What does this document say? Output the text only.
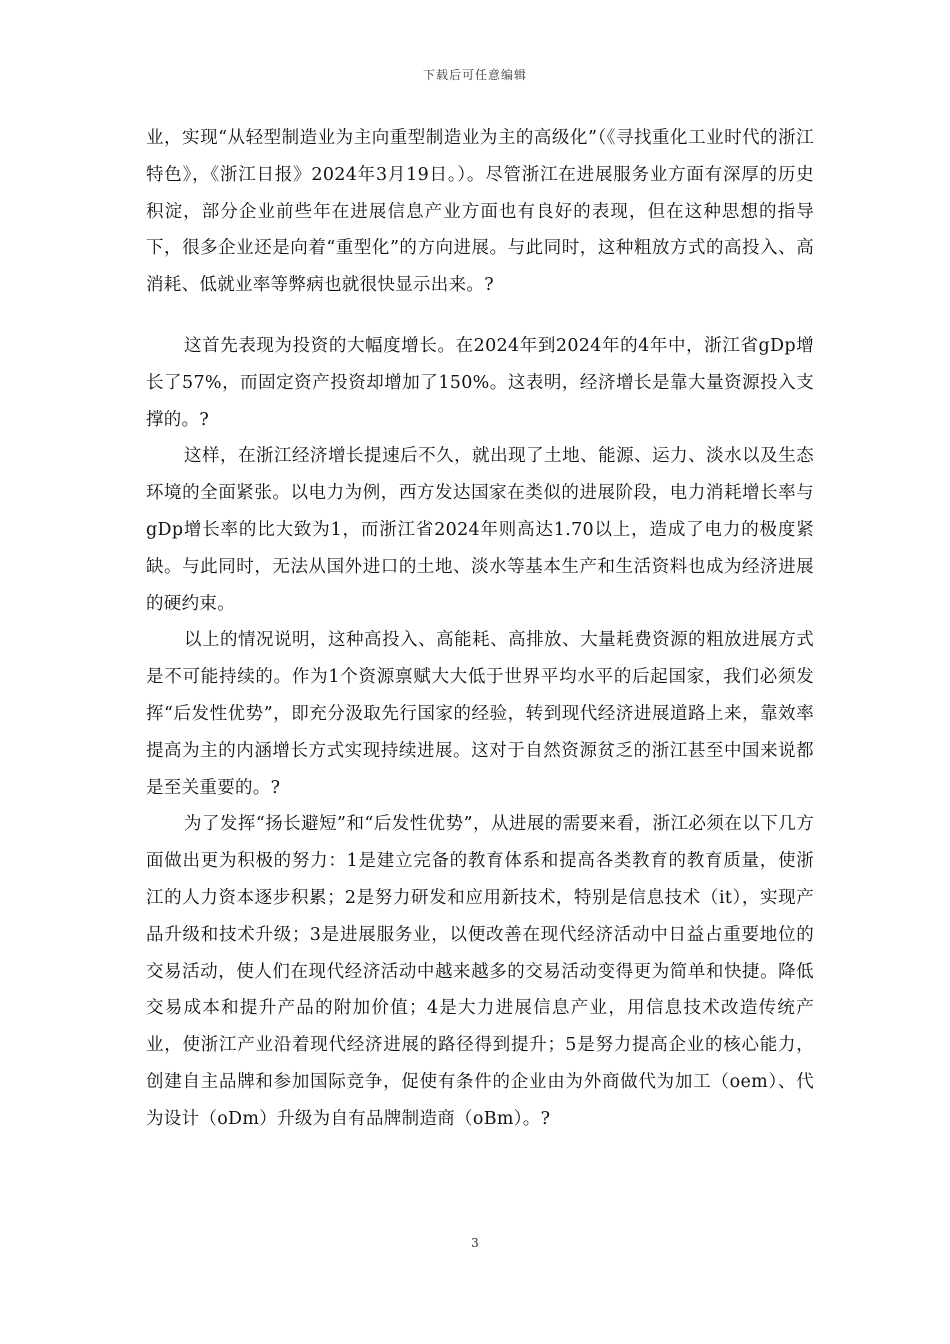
下载后可任意编辑

业，实现“从轻型制造业为主向重型制造业为主的高级化”（《寻找重化工业时代的浙江特色》，《浙江日报》2024年3月19日。）。尽管浙江在进展服务业方面有深厚的历史积淀，部分企业前些年在进展信息产业方面也有良好的表现，但在这种思想的指导下，很多企业还是向着“重型化”的方向进展。与此同时，这种粗放方式的高投入、高消耗、低就业率等弊病也就很快显示出来。?

这首先表现为投资的大幅度增长。在2024年到2024年的4年中，浙江省gDp增长了57%，而固定资产投资却增加了150%。这表明，经济增长是靠大量资源投入支撑的。?

这样，在浙江经济增长提速后不久，就出现了土地、能源、运力、淡水以及生态环境的全面紧张。以电力为例，西方发达国家在类似的进展阶段，电力消耗增长率与gDp增长率的比大致为1，而浙江省2024年则高达1.70以上，造成了电力的极度紧缺。与此同时，无法从国外进口的土地、淡水等基本生产和生活资料也成为经济进展的硬约束。

以上的情况说明，这种高投入、高能耗、高排放、大量耗费资源的粗放进展方式是不可能持续的。作为1个资源禀赋大大低于世界平均水平的后起国家，我们必须发挥“后发性优势”，即充分汲取先行国家的经验，转到现代经济进展道路上来，靠效率提高为主的内涵增长方式实现持续进展。这对于自然资源贫乏的浙江甚至中国来说都是至关重要的。?

为了发挥“扬长避短”和“后发性优势”，从进展的需要来看，浙江必须在以下几方面做出更为积极的努力：1是建立完备的教育体系和提高各类教育的教育质量，使浙江的人力资本逐步积累；2是努力研发和应用新技术，特别是信息技术（it），实现产品升级和技术升级；3是进展服务业，以便改善在现代经济活动中日益占重要地位的交易活动，使人们在现代经济活动中越来越多的交易活动变得更为简单和快捷。降低交易成本和提升产品的附加价值；4是大力进展信息产业，用信息技术改造传统产业，使浙江产业沿着现代经济进展的路径得到提升；5是努力提高企业的核心能力，创建自主品牌和参加国际竞争，促使有条件的企业由为外商做代为加工（oem）、代为设计（oDm）升级为自有品牌制造商（oBm）。?

3
